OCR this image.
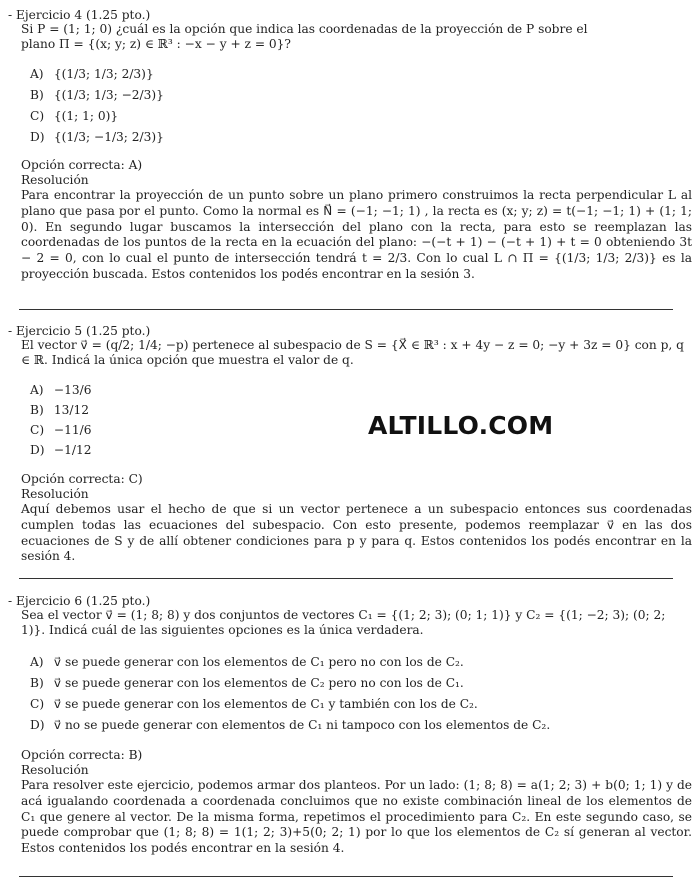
- Ejercicio 4 (1.25 pto.)
Si P = (1; 1; 0) ¿cuál es la opción que indica las coordenadas de la proyección de P sobre el plano Π = {(x; y; z) ∈ ℝ³ : −x − y + z = 0}?
A) {(1/3; 1/3; 2/3)}
B) {(1/3; 1/3; −2/3)}
C) {(1; 1; 0)}
D) {(1/3; −1/3; 2/3)}
Opción correcta: A)
Resolución
Para encontrar la proyección de un punto sobre un plano primero construimos la recta perpendicular L al plano que pasa por el punto. Como la normal es N⃗ = (−1; −1; 1) , la recta es (x; y; z) = t(−1; −1; 1) + (1; 1; 0). En segundo lugar buscamos la intersección del plano con la recta, para esto se reemplazan las coordenadas de los puntos de la recta en la ecuación del plano: −(−t + 1) − (−t + 1) + t = 0 obteniendo 3t − 2 = 0, con lo cual el punto de intersección tendrá t = 2/3. Con lo cual L ∩ Π = {(1/3; 1/3; 2/3)} es la proyección buscada. Estos contenidos los podés encontrar en la sesión 3.
- Ejercicio 5 (1.25 pto.)
El vector v⃗ = (q/2; 1/4; −p) pertenece al subespacio de S = {X⃗ ∈ ℝ³ : x + 4y − z = 0; −y + 3z = 0} con p, q ∈ ℝ. Indicá la única opción que muestra el valor de q.
A) −13/6
B) 13/12
C) −11/6
D) −1/12
Opción correcta: C)
Resolución
Aquí debemos usar el hecho de que si un vector pertenece a un subespacio entonces sus coordenadas cumplen todas las ecuaciones del subespacio. Con esto presente, podemos reemplazar v⃗ en las dos ecuaciones de S y de allí obtener condiciones para p y para q. Estos contenidos los podés encontrar en la sesión 4.
ALTILLO.COM
- Ejercicio 6 (1.25 pto.)
Sea el vector v⃗ = (1; 8; 8) y dos conjuntos de vectores C₁ = {(1; 2; 3); (0; 1; 1)} y C₂ = {(1; −2; 3); (0; 2; 1)}. Indicá cuál de las siguientes opciones es la única verdadera.
A) v⃗ se puede generar con los elementos de C₁ pero no con los de C₂.
B) v⃗ se puede generar con los elementos de C₂ pero no con los de C₁.
C) v⃗ se puede generar con los elementos de C₁ y también con los de C₂.
D) v⃗ no se puede generar con elementos de C₁ ni tampoco con los elementos de C₂.
Opción correcta: B)
Resolución
Para resolver este ejercicio, podemos armar dos planteos. Por un lado: (1; 8; 8) = a(1; 2; 3) + b(0; 1; 1) y de acá igualando coordenada a coordenada concluimos que no existe combinación lineal de los elementos de C₁ que genere al vector. De la misma forma, repetimos el procedimiento para C₂. En este segundo caso, se puede comprobar que (1; 8; 8) = 1(1; 2; 3)+5(0; 2; 1) por lo que los elementos de C₂ sí generan al vector. Estos contenidos los podés encontrar en la sesión 4.
